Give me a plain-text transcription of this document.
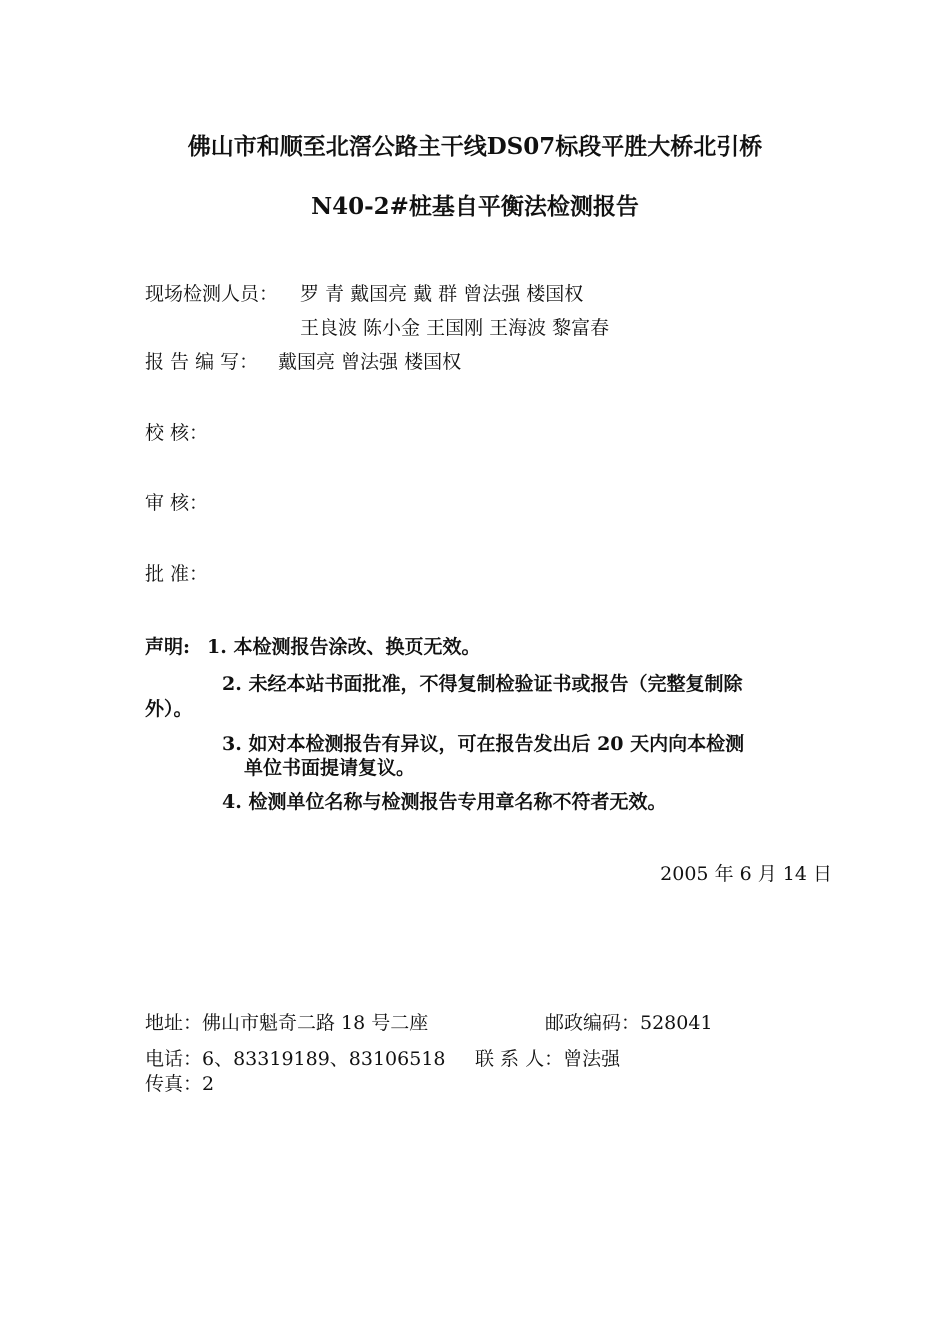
佛山市和顺至北滘公路主干线DS07标段平胜大桥北引桥
N40-2#桩基自平衡法检测报告
现场检测人员： 罗 青 戴国亮 戴 群 曾法强 楼国权
王良波 陈小金 王国刚 王海波 黎富春
报 告 编 写： 戴国亮 曾法强 楼国权
校 核：
审 核：
批 准：
声明: 1. 本检测报告涂改、换页无效。
2. 未经本站书面批准，不得复制检验证书或报告（完整复制除
外）。
3. 如对本检测报告有异议，可在报告发出后 20 天内向本检测
单位书面提请复议。
4. 检测单位名称与检测报告专用章名称不符者无效。
2005 年 6 月 14 日
地址：佛山市魁奇二路 18 号二座	邮政编码：528041
电话：6、83319189、83106518 联 系 人：曾法强
传真：2
